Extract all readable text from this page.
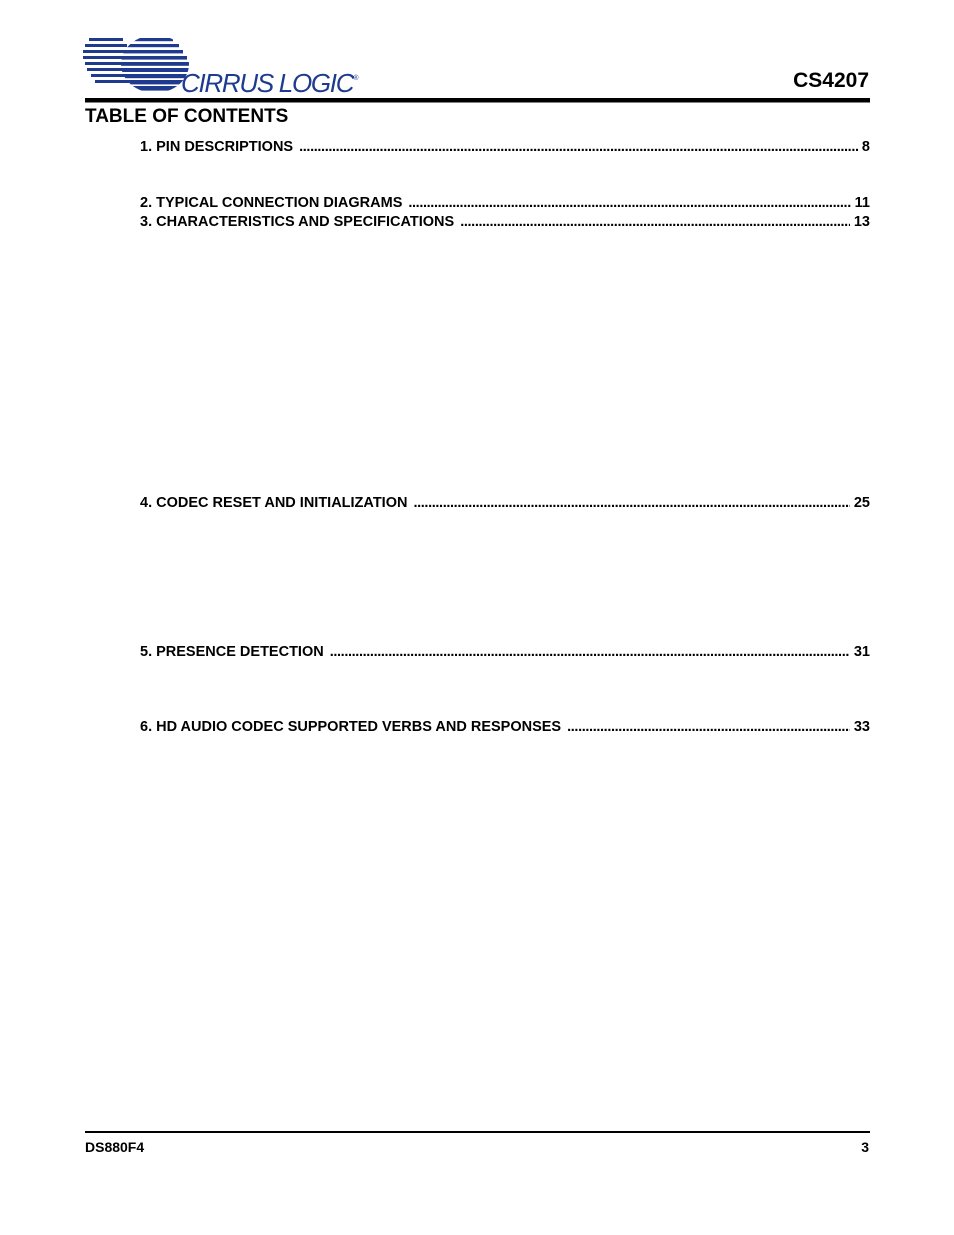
CIRRUS LOGIC®	CS4207
TABLE OF CONTENTS
1. PIN DESCRIPTIONS . . .	8
2. TYPICAL CONNECTION DIAGRAMS . . .	11
3. CHARACTERISTICS AND SPECIFICATIONS . . .	13
4. CODEC RESET AND INITIALIZATION . . .	25
5. PRESENCE DETECTION . . .	31
6. HD AUDIO CODEC SUPPORTED VERBS AND RESPONSES . . .	33
DS880F4	3
